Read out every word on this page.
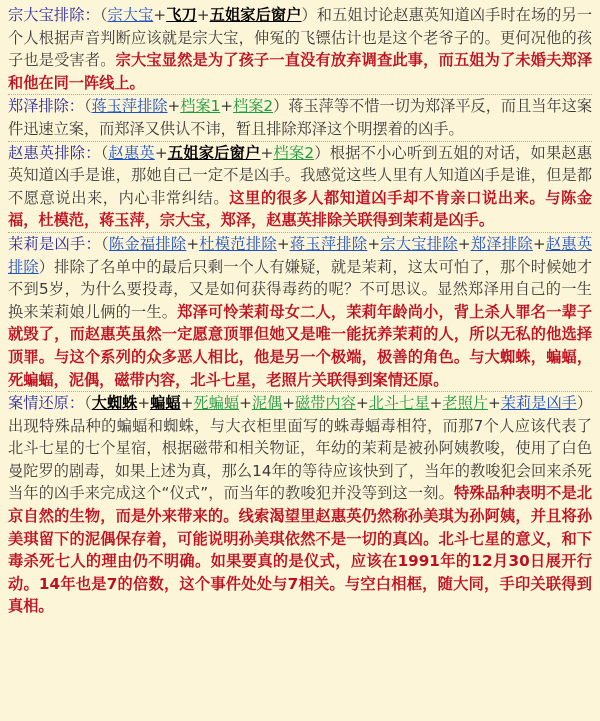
宗大宝排除：（宗大宝+飞刀+五姐家后窗户）和五姐讨论赵惠英知道凶手时在场的另一个人根据声音判断应该就是宗大宝，伸冤的飞镖估计也是这个老爷子的。更何况他的孩子也是受害者。宗大宝显然是为了孩子一直没有放弃调查此事，而五姐为了未婚夫郑泽和他在同一阵线上。

郑泽排除：（蒋玉萍排除+档案1+档案2）蒋玉萍等不惜一切为郑泽平反，而且当年这案件迅速立案，而郑泽又供认不讳，暂且排除郑泽这个明摆着的凶手。

赵惠英排除：（赵惠英+五姐家后窗户+档案2）根据不小心听到五姐的对话，如果赵惠英知道凶手是谁，那她自己一定不是凶手。我感觉这些人里有人知道凶手是谁，但是都不愿意说出来，内心非常纠结。这里的很多人都知道凶手却不肯亲口说出来。与陈金福，杜模范，蒋玉萍，宗大宝，郑泽，赵惠英排除关联得到茉莉是凶手。

茉莉是凶手：（陈金福排除+杜模范排除+蒋玉萍排除+宗大宝排除+郑泽排除+赵惠英排除）排除了名单中的最后只剩一个人有嫌疑，就是茉莉，这太可怕了，那个时候她才不到5岁，为什么要投毒，又是如何获得毒药的呢？不可思议。显然郑泽用自己的一生换来茉莉娘儿俩的一生。郑泽可怜茉莉母女二人，茉莉年龄尚小，背上杀人罪名一辈子就毁了，而赵惠英虽然一定愿意顶罪但她又是唯一能抚养茉莉的人，所以无私的他选择顶罪。与这个系列的众多恶人相比，他是另一个极端，极善的角色。与大蜘蛛，蝙蝠，死蝙蝠，泥偶，磁带内容，北斗七星，老照片关联得到案情还原。

案情还原：（大蜘蛛+蝙蝠+死蝙蝠+泥偶+磁带内容+北斗七星+老照片+茉莉是凶手）出现特殊品种的蝙蝠和蜘蛛，与大衣柜里面写的蛛毒蝠毒相符，而那7个人应该代表了北斗七星的七个星宿，根据磁带和相关物证，年幼的茉莉是被孙阿姨教唆，使用了白色曼陀罗的剧毒，如果上述为真，那么14年的等待应该快到了，当年的教唆犯会回来杀死当年的凶手来完成这个“仪式”，而当年的教唆犯并没等到这一刻。特殊品种表明不是北京自然的生物，而是外来带来的。线索渴望里赵惠英仍然称孙美琪为孙阿姨，并且将孙美琪留下的泥偶保存着，可能说明孙美琪依然不是一切的真凶。北斗七星的意义，和下毒杀死七人的理由仍不明确。如果要真的是仪式，应该在1991年的12月30日展开行动。14年也是7的倍数，这个事件处处与7相关。与空白相框，随大同，手印关联得到真相。
